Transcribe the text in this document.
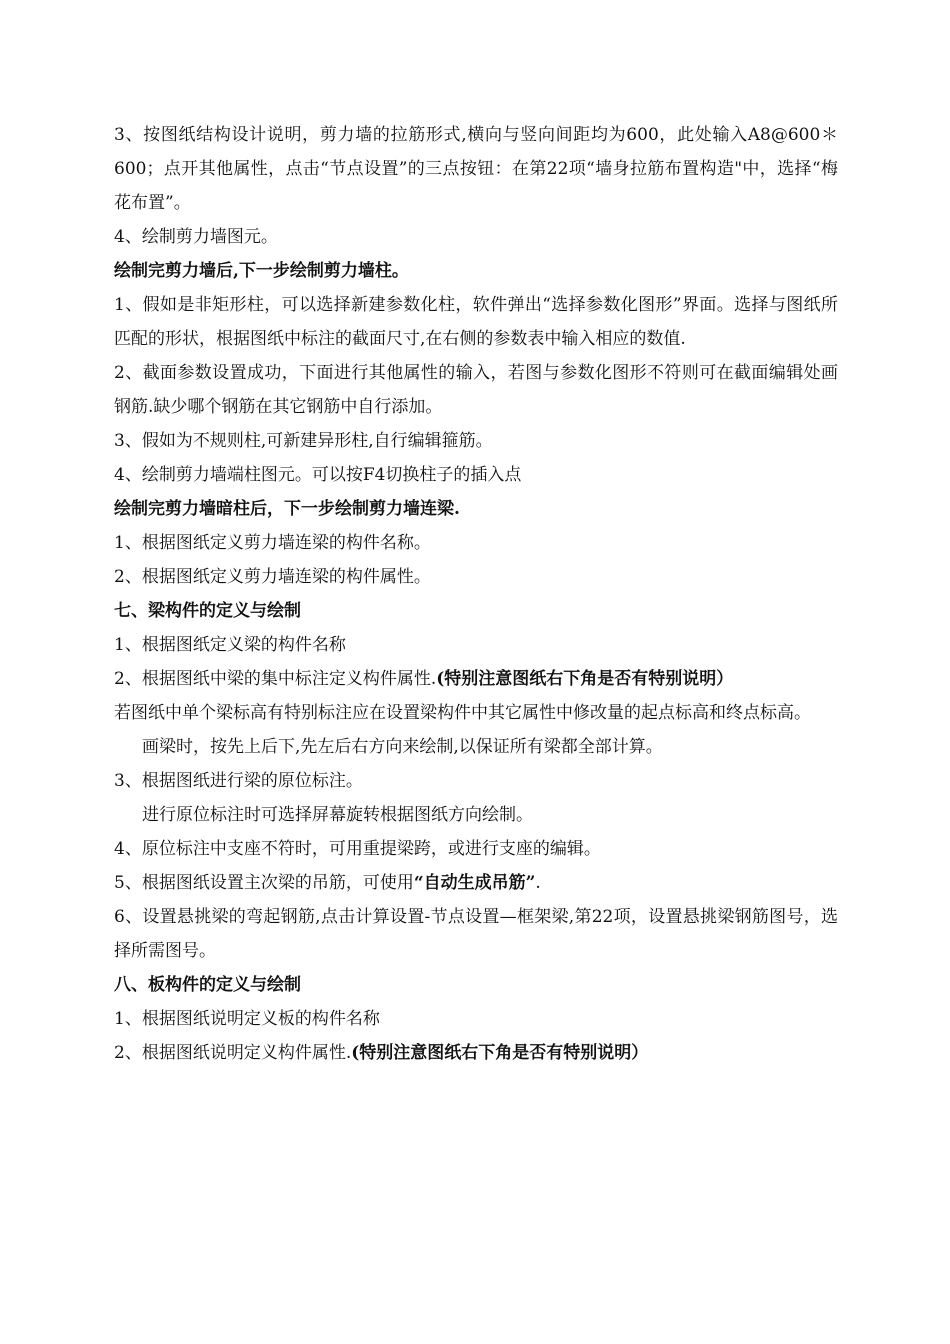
3、按图纸结构设计说明，剪力墙的拉筋形式,横向与竖向间距均为600，此处输入A8@600＊600；点开其他属性，点击“节点设置”的三点按钮：在第22项“墙身拉筋布置构造"中，选择“梅花布置”。

4、绘制剪力墙图元。

绘制完剪力墙后,下一步绘制剪力墙柱。

1、假如是非矩形柱，可以选择新建参数化柱，软件弹出“选择参数化图形”界面。选择与图纸所匹配的形状，根据图纸中标注的截面尺寸,在右侧的参数表中输入相应的数值.

2、截面参数设置成功，下面进行其他属性的输入，若图与参数化图形不符则可在截面编辑处画钢筋.缺少哪个钢筋在其它钢筋中自行添加。

3、假如为不规则柱,可新建异形柱,自行编辑箍筋。

4、绘制剪力墙端柱图元。可以按F4切换柱子的插入点

绘制完剪力墙暗柱后，下一步绘制剪力墙连梁.

1、根据图纸定义剪力墙连梁的构件名称。

2、根据图纸定义剪力墙连梁的构件属性。

七、梁构件的定义与绘制

1、根据图纸定义梁的构件名称

2、根据图纸中梁的集中标注定义构件属性.(特别注意图纸右下角是否有特别说明）

若图纸中单个梁标高有特别标注应在设置梁构件中其它属性中修改量的起点标高和终点标高。

画梁时，按先上后下,先左后右方向来绘制,以保证所有梁都全部计算。

3、根据图纸进行梁的原位标注。

进行原位标注时可选择屏幕旋转根据图纸方向绘制。

4、原位标注中支座不符时，可用重提梁跨，或进行支座的编辑。

5、根据图纸设置主次梁的吊筋，可使用“自动生成吊筋”.

6、设置悬挑梁的弯起钢筋,点击计算设置-节点设置—框架梁,第22项，设置悬挑梁钢筋图号，选择所需图号。

八、板构件的定义与绘制

1、根据图纸说明定义板的构件名称

2、根据图纸说明定义构件属性.(特别注意图纸右下角是否有特别说明）
